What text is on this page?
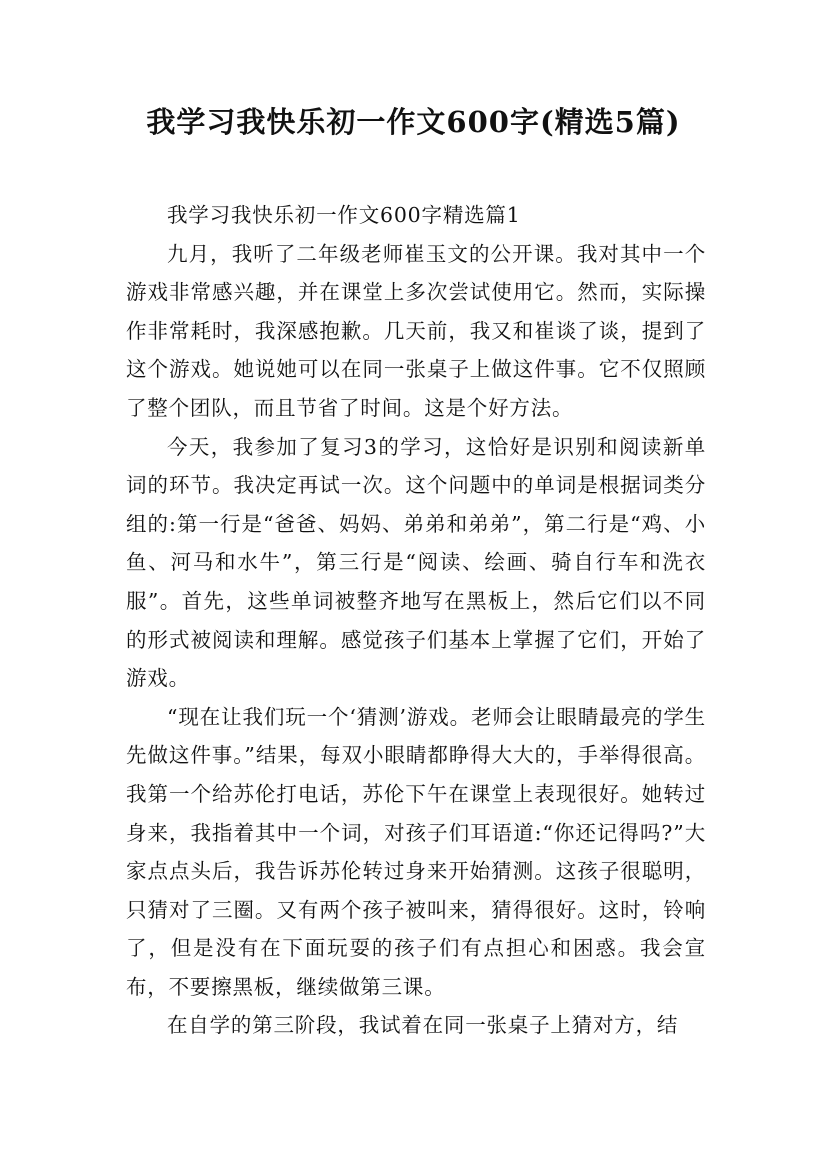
我学习我快乐初一作文600字(精选5篇)

我学习我快乐初一作文600字精选篇1

九月，我听了二年级老师崔玉文的公开课。我对其中一个游戏非常感兴趣，并在课堂上多次尝试使用它。然而，实际操作非常耗时，我深感抱歉。几天前，我又和崔谈了谈，提到了这个游戏。她说她可以在同一张桌子上做这件事。它不仅照顾了整个团队，而且节省了时间。这是个好方法。

今天，我参加了复习3的学习，这恰好是识别和阅读新单词的环节。我决定再试一次。这个问题中的单词是根据词类分组的:第一行是“爸爸、妈妈、弟弟和弟弟”，第二行是“鸡、小鱼、河马和水牛”，第三行是“阅读、绘画、骑自行车和洗衣服”。首先，这些单词被整齐地写在黑板上，然后它们以不同的形式被阅读和理解。感觉孩子们基本上掌握了它们，开始了游戏。

“现在让我们玩一个‘猜测’游戏。老师会让眼睛最亮的学生先做这件事。”结果，每双小眼睛都睁得大大的，手举得很高。我第一个给苏伦打电话，苏伦下午在课堂上表现很好。她转过身来，我指着其中一个词，对孩子们耳语道:“你还记得吗?”大家点点头后，我告诉苏伦转过身来开始猜测。这孩子很聪明，只猜对了三圈。又有两个孩子被叫来，猜得很好。这时，铃响了，但是没有在下面玩耍的孩子们有点担心和困惑。我会宣布，不要擦黑板，继续做第三课。

在自学的第三阶段，我试着在同一张桌子上猜对方，结
